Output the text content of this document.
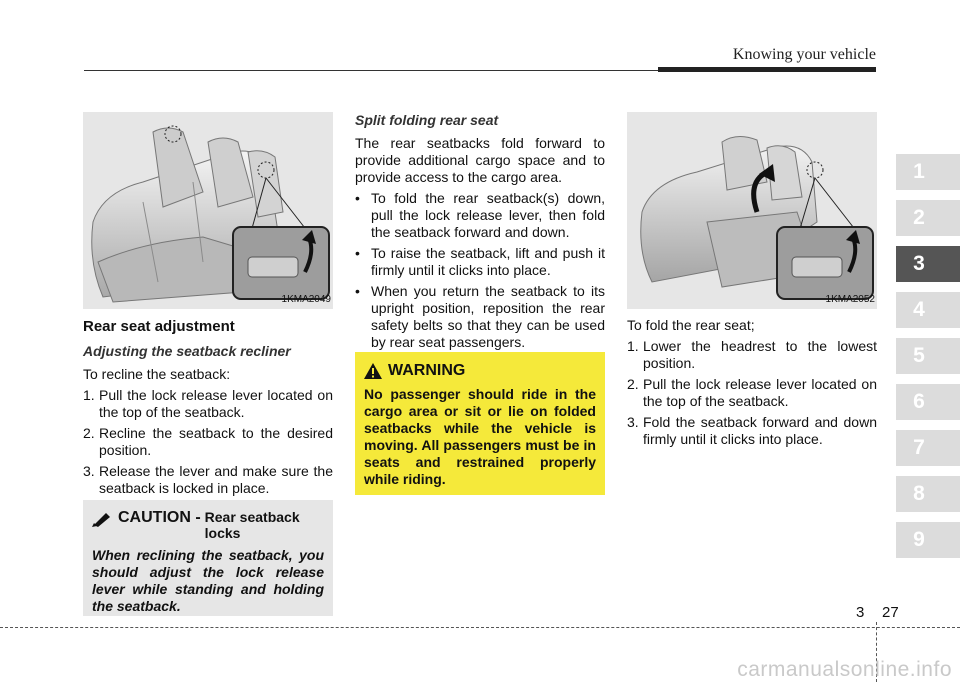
Knowing your vehicle
1KMA2049
Rear seat adjustment
Adjusting the seatback recliner

To recline the seatback:

1. Pull the lock release lever located on the top of the seatback.
2. Recline the seatback to the desired position.
3. Release the lever and make sure the seatback is locked in place.
CAUTION - Rear seatback locks
When reclining the seatback, you should adjust the lock release lever while standing and holding the seatback.
Split folding rear seat

The rear seatbacks fold forward to provide additional cargo space and to provide access to the cargo area.

• To fold the rear seatback(s) down, pull the lock release lever, then fold the seatback forward and down.
• To raise the seatback, lift and push it firmly until it clicks into place.
• When you return the seatback to its upright position, reposition the rear safety belts so that they can be used by rear seat passengers.
WARNING
No passenger should ride in the cargo area or sit or lie on folded seatbacks while the vehicle is moving. All passengers must be in seats and restrained properly while riding.
1KMA2052

To fold the rear seat;

1. Lower the headrest to the lowest position.
2. Pull the lock release lever located on the top of the seatback.
3. Fold the seatback forward and down firmly until it clicks into place.
1
2
3
4
5
6
7
8
9
3 27
carmanualsonline.info
